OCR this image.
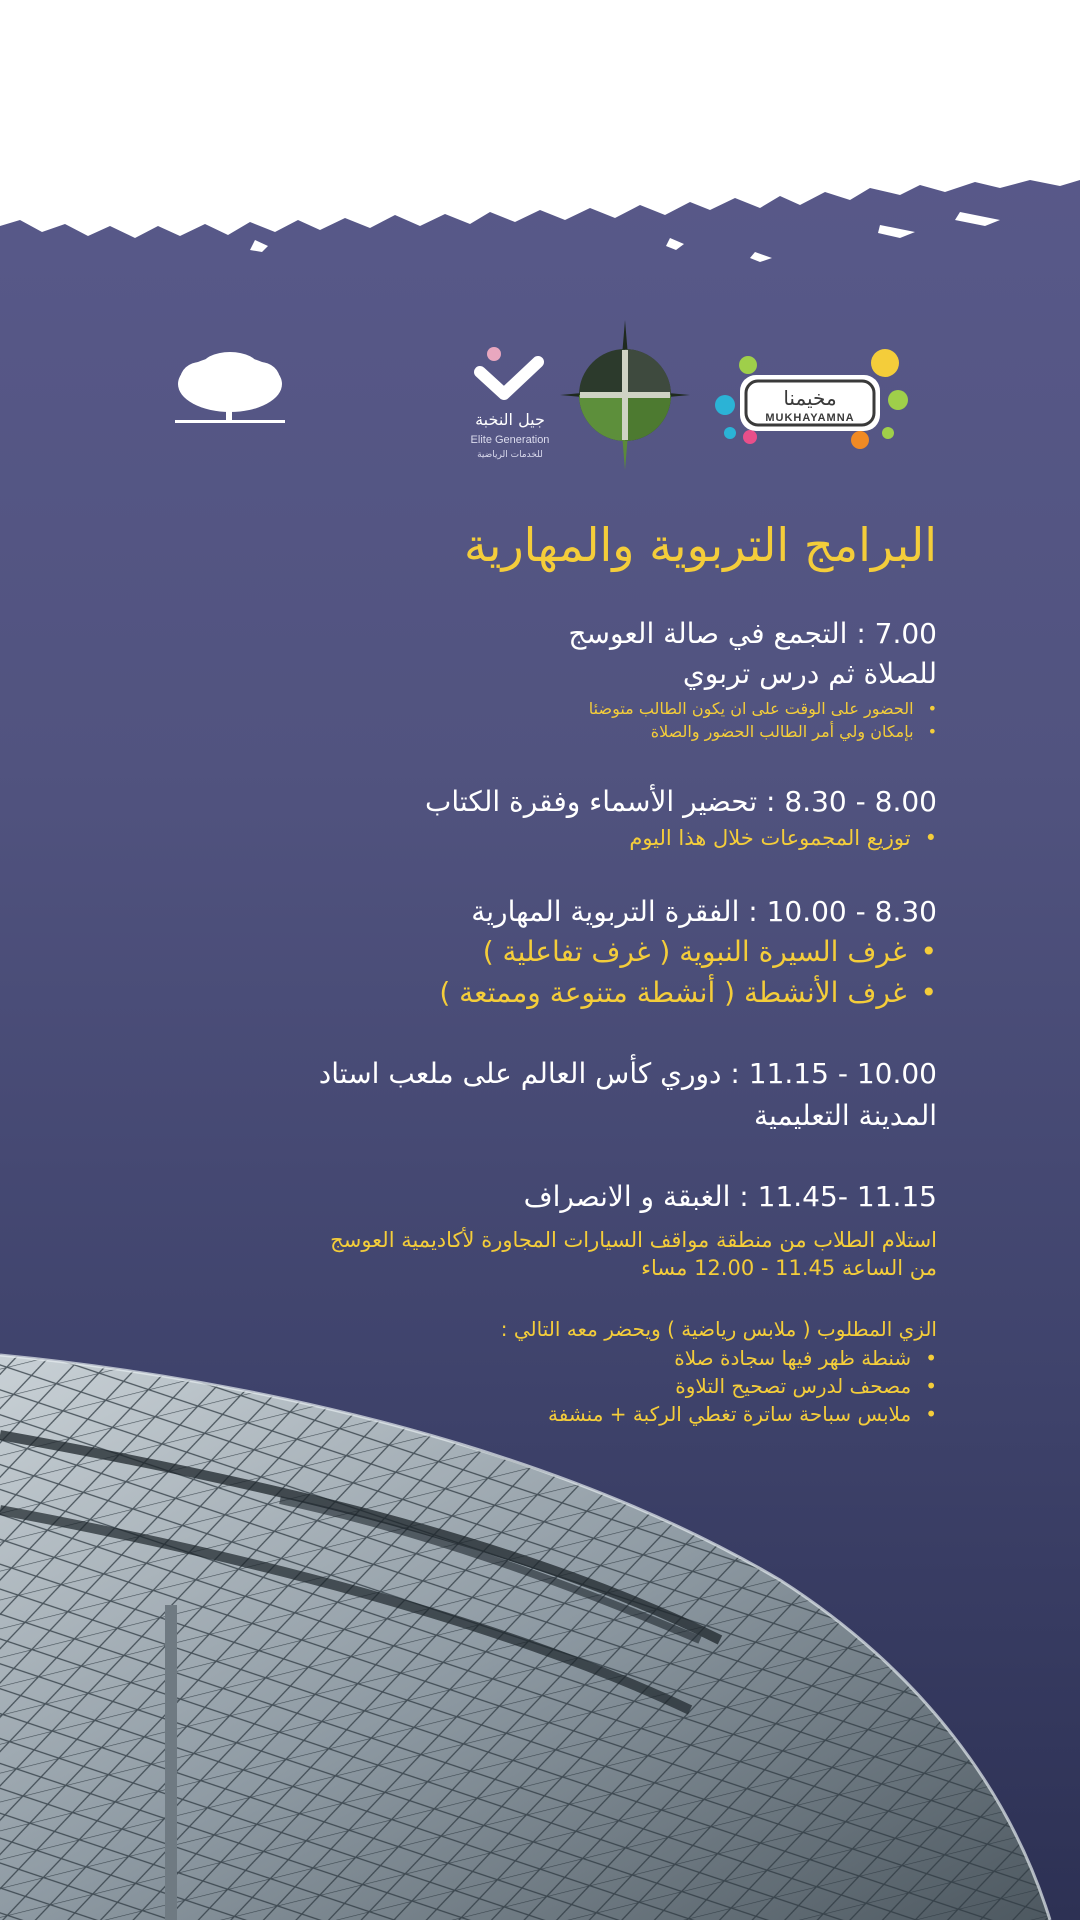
جيل النخبة
Elite Generation
للخدمات الرياضية
مخيمنا
MUKHAYAMNA
البرامج التربوية والمهارية
7.00 : التجمع في صالة العوسج
للصلاة ثم درس تربوي
• الحضور على الوقت على ان يكون الطالب متوضئا
• بإمكان ولي أمر الطالب الحضور والصلاة
8.00 - 8.30 : تحضير الأسماء وفقرة الكتاب
• توزيع المجموعات خلال هذا اليوم
8.30 - 10.00 : الفقرة التربوية المهارية
• غرف السيرة النبوية ( غرف تفاعلية )
• غرف الأنشطة ( أنشطة متنوعة وممتعة )
10.00 - 11.15 : دوري كأس العالم على ملعب استاد
المدينة التعليمية
11.15 -11.45 : الغبقة و الانصراف
استلام الطلاب من منطقة مواقف السيارات المجاورة لأكاديمية العوسج
من الساعة 11.45 - 12.00 مساء
الزي المطلوب ( ملابس رياضية ) ويحضر معه التالي :
• شنطة ظهر فيها سجادة صلاة
• مصحف لدرس تصحيح التلاوة
• ملابس سباحة ساترة تغطي الركبة + منشفة
